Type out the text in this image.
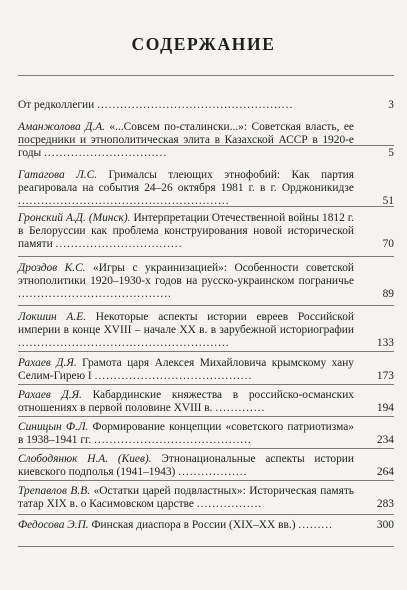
СОДЕРЖАНИЕ
От редколлегии ...................................................	3
Аманжолова Д.А. «...Совсем по-сталински...»: Советская власть, ее посредники и этнополитическая элита в Казахской АССР в 1920-е годы ................................	5
Гатагова Л.С. Грималсы тлеющих этнофобий: Как партия реагировала на события 24–26 октября 1981 г. в г. Орджоникидзе .......................................................	51
Гронский А.Д. (Минск). Интерпретации Отечественной войны 1812 г. в Белоруссии как проблема конструирования новой исторической памяти .................................	70
Дроздов К.С. «Игры с украинизацией»: Особенности советской этнополитики 1920–1930-х годов на русско-украинском пограничье ........................................	89
Локшин А.Е. Некоторые аспекты истории евреев Российской империи в конце XVIII – начале XX в. в зарубежной историографии .......................................................	133
Рахаев Д.Я. Грамота царя Алексея Михайловича крымскому хану Селим-Гирею I .........................................	173
Рахаев Д.Я. Кабардинские княжества в российско-османских отношениях в первой половине XVIII в. .............	194
Синицын Ф.Л. Формирование концепции «советского патриотизма» в 1938–1941 гг. .........................................	234
Слободянюк Н.А. (Киев). Этнонациональные аспекты истории киевского подполья (1941–1943) ..................	264
Трепавлов В.В. «Остатки царей подвластных»: Историческая память татар XIX в. о Касимовском царстве .................	283
Федосова Э.П. Финская диаспора в России (XIX–XX вв.) .........	300
